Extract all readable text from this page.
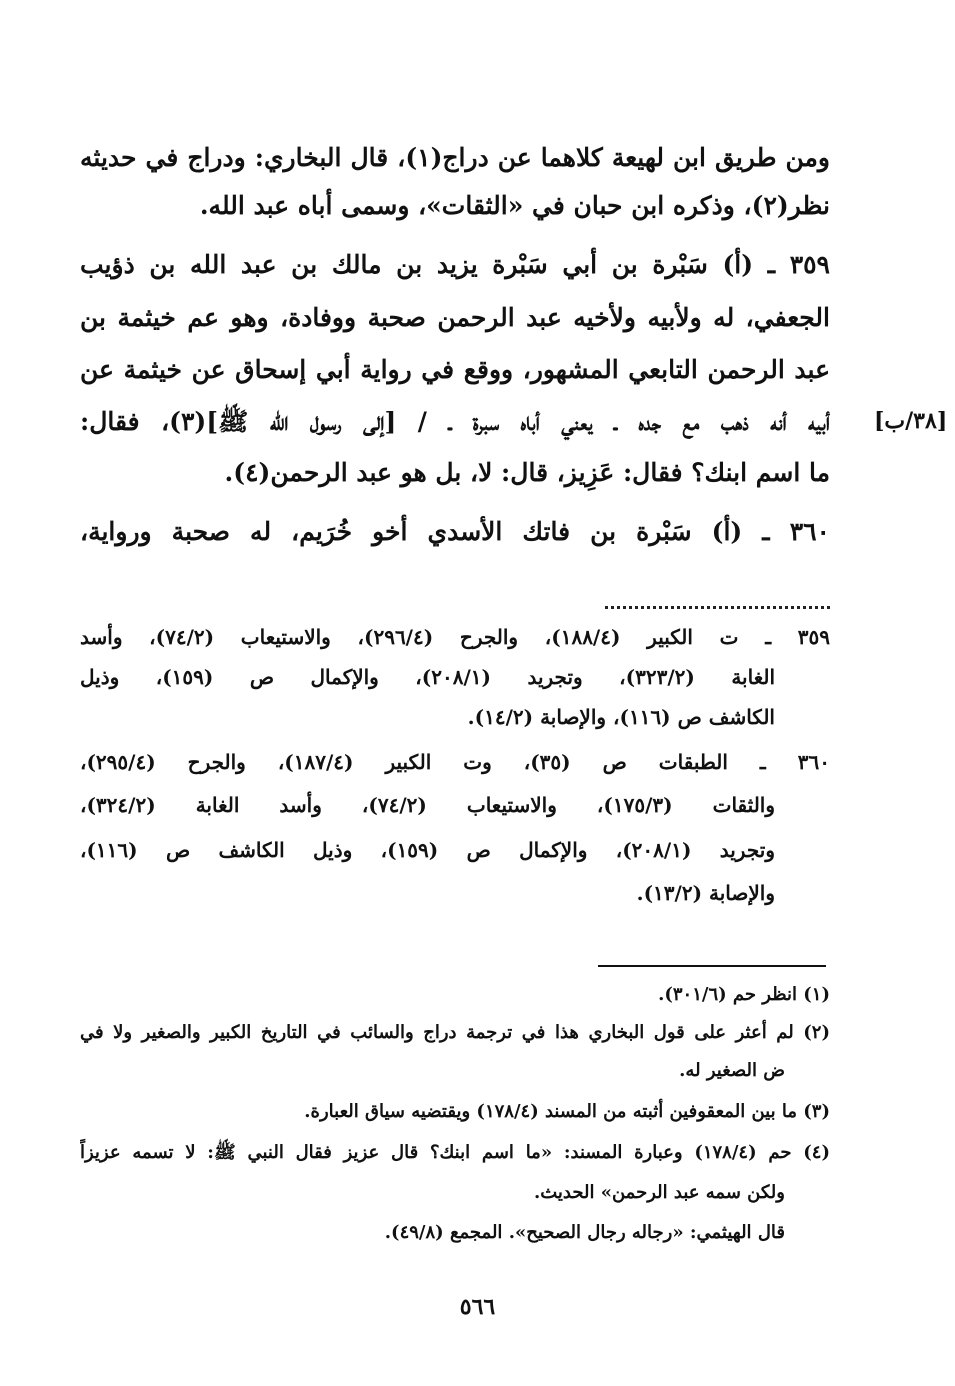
ومن طريق ابن لهيعة كلاهما عن دراج(١)، قال البخاري: ودراج في حديثه
نظر(٢)، وذكره ابن حبان في «الثقات»، وسمى أباه عبد الله.
٣٥٩ ـ (أ) سَبْرة بن أبي سَبْرة يزيد بن مالك بن عبد الله بن ذؤيب
الجعفي، له ولأبيه ولأخيه عبد الرحمن صحبة ووفادة، وهو عم خيثمة بن
عبد الرحمن التابعي المشهور، ووقع في رواية أبي إسحاق عن خيثمة عن
أبيه أنه ذهب مع جده ـ يعني أباه سبرة ـ / [إلى رسول الله ﷺ](٣)، فقال:
ما اسم ابنك؟ فقال: عَزِيز، قال: لا، بل هو عبد الرحمن(٤).
٣٦٠ ـ (أ) سَبْرة بن فاتك الأسدي أخو خُرَيم، له صحبة ورواية،
[٣٨/ب]
٣٥٩ ـ ت الكبير (١٨٨/٤)، والجرح (٢٩٦/٤)، والاستيعاب (٧٤/٢)، وأسد
الغابة (٣٢٣/٢)، وتجريد (٢٠٨/١)، والإكمال ص (١٥٩)، وذيل
الكاشف ص (١١٦)، والإصابة (١٤/٢).
٣٦٠ ـ الطبقات ص (٣٥)، وت الكبير (١٨٧/٤)، والجرح (٢٩٥/٤)،
والثقات (١٧٥/٣)، والاستيعاب (٧٤/٢)، وأسد الغابة (٣٢٤/٢)،
وتجريد (٢٠٨/١)، والإكمال ص (١٥٩)، وذيل الكاشف ص (١١٦)،
والإصابة (١٣/٢).
(١) انظر حم (٣٠١/٦).
(٢) لم أعثر على قول البخاري هذا في ترجمة دراج والسائب في التاريخ الكبير والصغير ولا في
ض الصغير له.
(٣) ما بين المعقوفين أثبته من المسند (١٧٨/٤) ويقتضيه سياق العبارة.
(٤) حم (١٧٨/٤) وعبارة المسند: «ما اسم ابنك؟ قال عزيز فقال النبي ﷺ: لا تسمه عزيزاً
ولكن سمه عبد الرحمن» الحديث.
قال الهيثمي: «رجاله رجال الصحيح». المجمع (٤٩/٨).
٥٦٦
